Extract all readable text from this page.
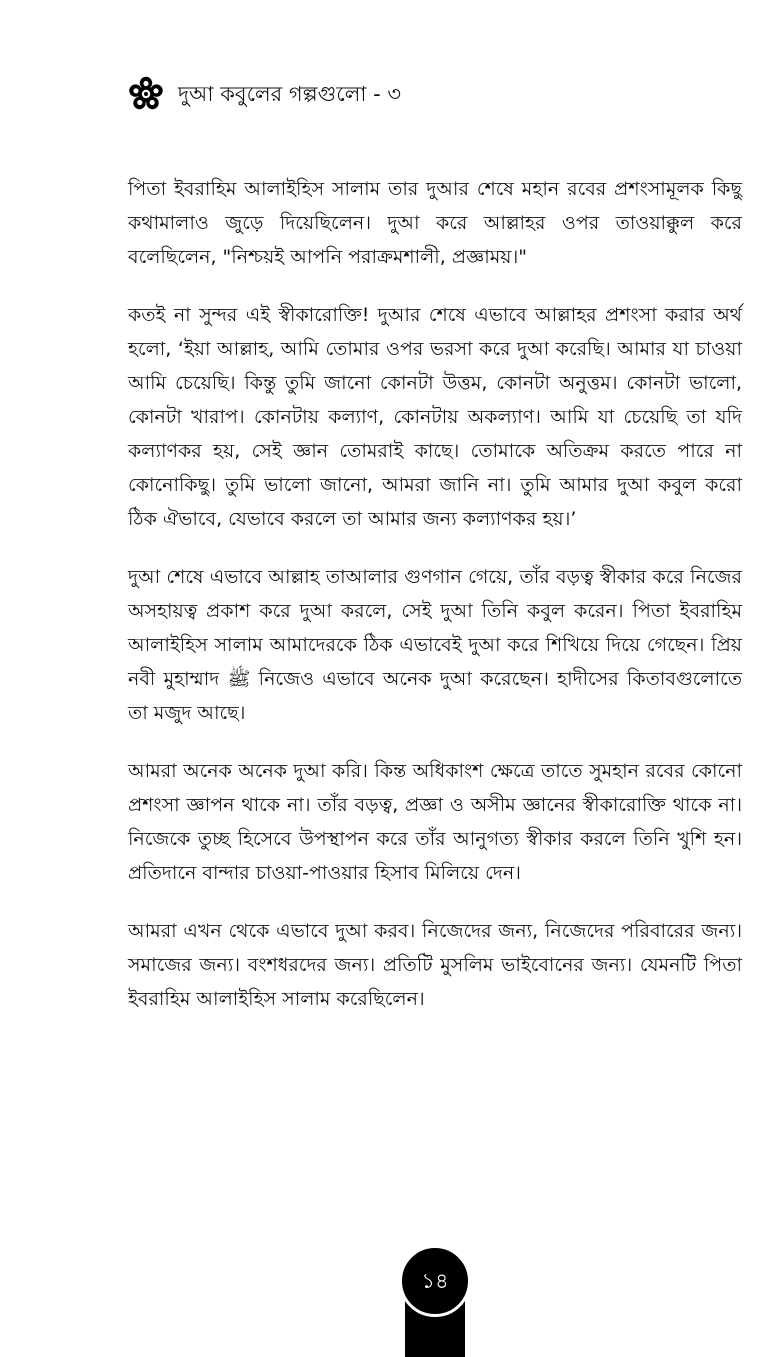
দুআ কবুলের গল্পগুলো - ৩

পিতা ইবরাহিম আলাইহিস সালাম তার দুআর শেষে মহান রবের প্রশংসামূলক কিছু কথামালাও জুড়ে দিয়েছিলেন। দুআ করে আল্লাহর ওপর তাওয়াক্কুল করে বলেছিলেন, "নিশ্চয়ই আপনি পরাক্রমশালী, প্রজ্ঞাময়।"

কতই না সুন্দর এই স্বীকারোক্তি! দুআর শেষে এভাবে আল্লাহর প্রশংসা করার অর্থ হলো, ‘ইয়া আল্লাহ, আমি তোমার ওপর ভরসা করে দুআ করেছি। আমার যা চাওয়া আমি চেয়েছি। কিন্তু তুমি জানো কোনটা উত্তম, কোনটা অনুত্তম। কোনটা ভালো, কোনটা খারাপ। কোনটায় কল্যাণ, কোনটায় অকল্যাণ। আমি যা চেয়েছি তা যদি কল্যাণকর হয়, সেই জ্ঞান তোমরাই কাছে। তোমাকে অতিক্রম করতে পারে না কোনোকিছু। তুমি ভালো জানো, আমরা জানি না। তুমি আমার দুআ কবুল করো ঠিক ঐভাবে, যেভাবে করলে তা আমার জন্য কল্যাণকর হয়।’

দুআ শেষে এভাবে আল্লাহ তাআলার গুণগান গেয়ে, তাঁর বড়ত্ব স্বীকার করে নিজের অসহায়ত্ব প্রকাশ করে দুআ করলে, সেই দুআ তিনি কবুল করেন। পিতা ইবরাহিম আলাইহিস সালাম আমাদেরকে ঠিক এভাবেই দুআ করে শিখিয়ে দিয়ে গেছেন। প্রিয় নবী মুহাম্মাদ ﷺ নিজেও এভাবে অনেক দুআ করেছেন। হাদীসের কিতাবগুলোতে তা মজুদ আছে।

আমরা অনেক অনেক দুআ করি। কিন্ত অধিকাংশ ক্ষেত্রে তাতে সুমহান রবের কোনো প্রশংসা জ্ঞাপন থাকে না। তাঁর বড়ত্ব, প্রজ্ঞা ও অসীম জ্ঞানের স্বীকারোক্তি থাকে না। নিজেকে তুচ্ছ হিসেবে উপস্থাপন করে তাঁর আনুগত্য স্বীকার করলে তিনি খুশি হন। প্রতিদানে বান্দার চাওয়া-পাওয়ার হিসাব মিলিয়ে দেন।

আমরা এখন থেকে এভাবে দুআ করব। নিজেদের জন্য, নিজেদের পরিবারের জন্য। সমাজের জন্য। বংশধরদের জন্য। প্রতিটি মুসলিম ভাইবোনের জন্য। যেমনটি পিতা ইবরাহিম আলাইহিস সালাম করেছিলেন।

১৪
